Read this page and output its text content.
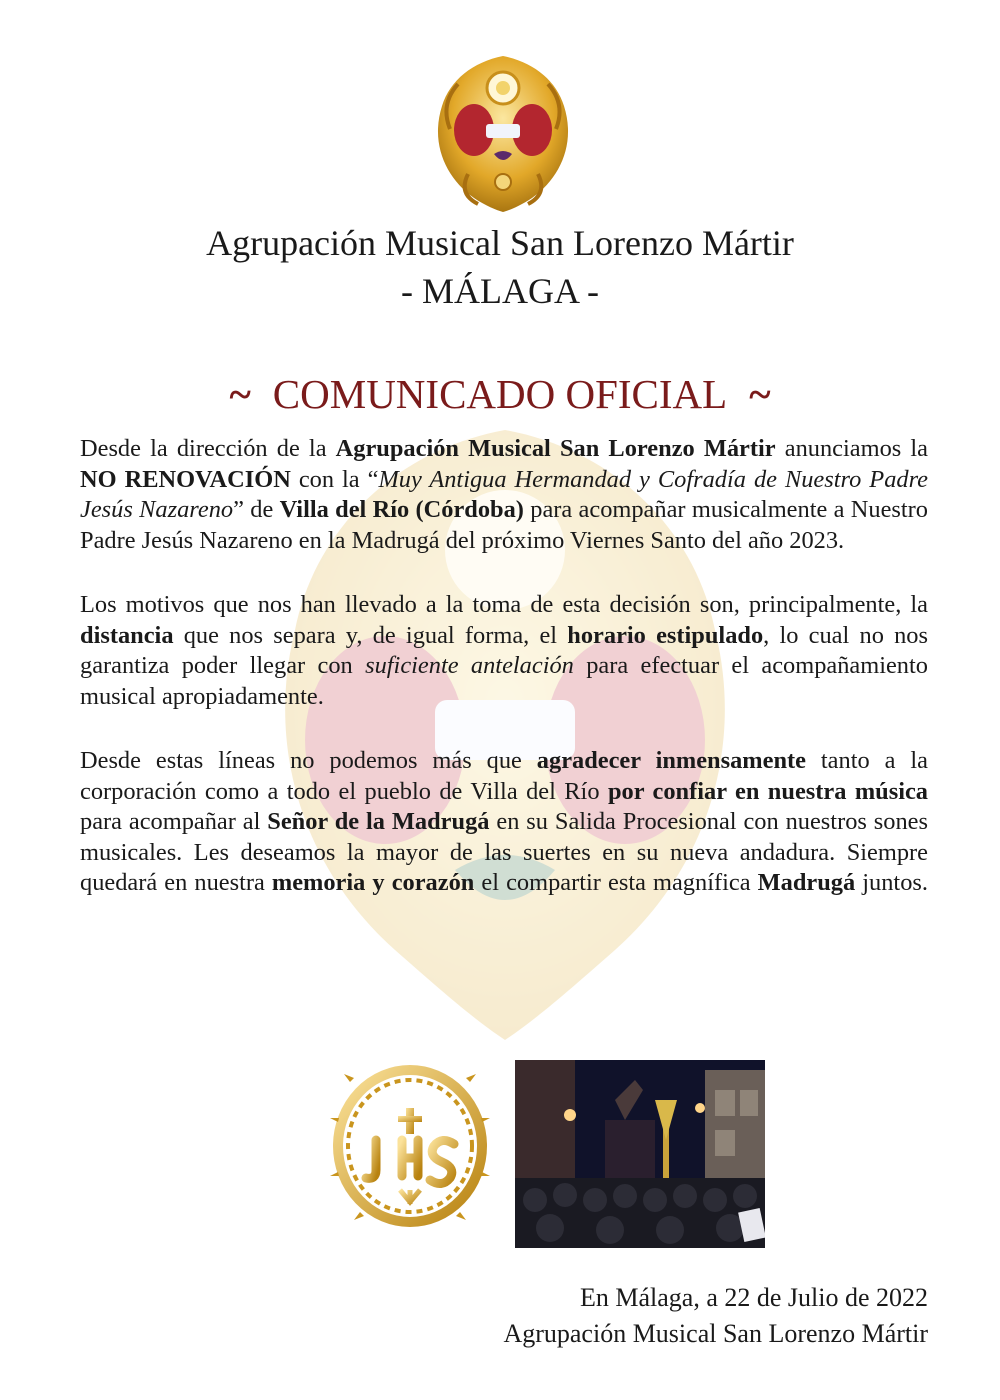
Agrupación Musical San Lorenzo Mártir
- MÁLAGA -
~ COMUNICADO OFICIAL ~

Desde la dirección de la Agrupación Musical San Lorenzo Mártir anunciamos la NO RENOVACIÓN con la “Muy Antigua Hermandad y Cofradía de Nuestro Padre Jesús Nazareno” de Villa del Río (Córdoba) para acompañar musicalmente a Nuestro Padre Jesús Nazareno en la Madrugá del próximo Viernes Santo del año 2023.

Los motivos que nos han llevado a la toma de esta decisión son, principalmente, la distancia que nos separa y, de igual forma, el horario estipulado, lo cual no nos garantiza poder llegar con suficiente antelación para efectuar el acompañamiento musical apropiadamente.

Desde estas líneas no podemos más que agradecer inmensamente tanto a la corporación como a todo el pueblo de Villa del Río por confiar en nuestra música para acompañar al Señor de la Madrugá en su Salida Procesional con nuestros sones musicales. Les deseamos la mayor de las suertes en su nueva andadura. Siempre quedará en nuestra memoria y corazón el compartir esta magnífica Madrugá juntos.

En Málaga, a 22 de Julio de 2022
Agrupación Musical San Lorenzo Mártir
